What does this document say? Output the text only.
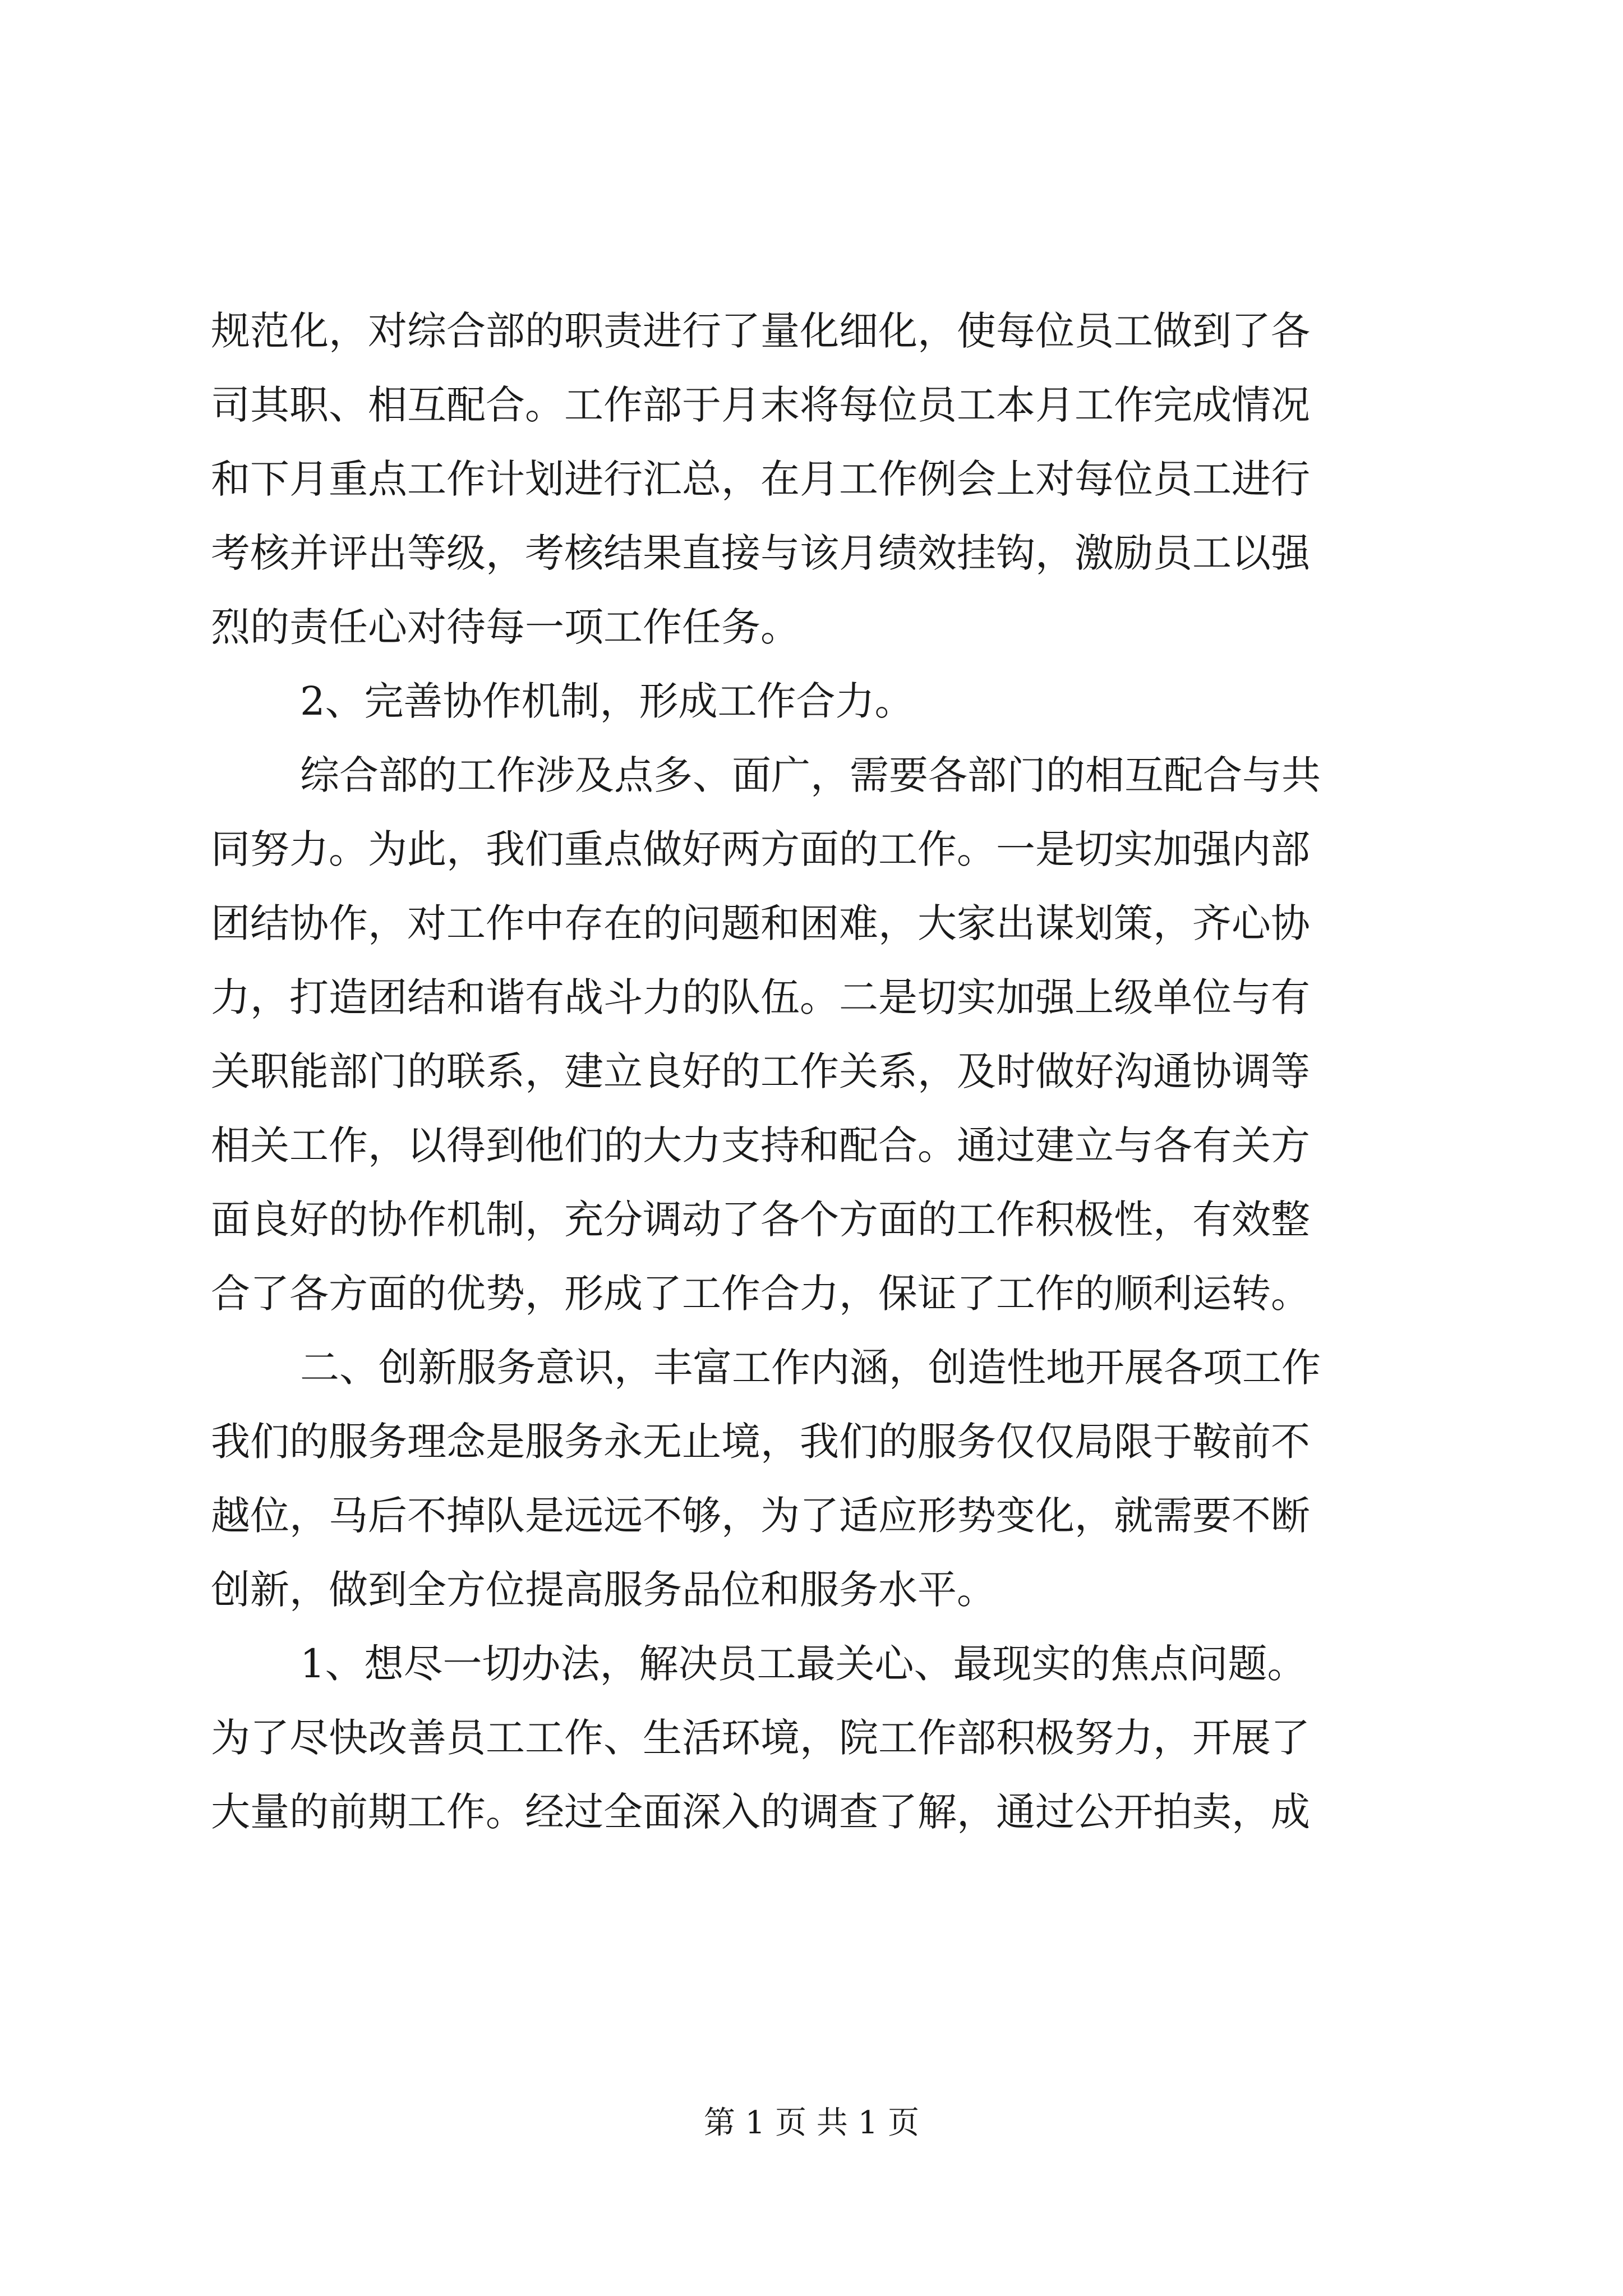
规范化，对综合部的职责进行了量化细化，使每位员工做到了各
司其职、相互配合。工作部于月末将每位员工本月工作完成情况
和下月重点工作计划进行汇总，在月工作例会上对每位员工进行
考核并评出等级，考核结果直接与该月绩效挂钩，激励员工以强
烈的责任心对待每一项工作任务。
2、完善协作机制，形成工作合力。
综合部的工作涉及点多、面广，需要各部门的相互配合与共
同努力。为此，我们重点做好两方面的工作。一是切实加强内部
团结协作，对工作中存在的问题和困难，大家出谋划策，齐心协
力，打造团结和谐有战斗力的队伍。二是切实加强上级单位与有
关职能部门的联系，建立良好的工作关系，及时做好沟通协调等
相关工作，以得到他们的大力支持和配合。通过建立与各有关方
面良好的协作机制，充分调动了各个方面的工作积极性，有效整
合了各方面的优势，形成了工作合力，保证了工作的顺利运转。
二、创新服务意识，丰富工作内涵，创造性地开展各项工作
我们的服务理念是服务永无止境，我们的服务仅仅局限于鞍前不
越位，马后不掉队是远远不够，为了适应形势变化，就需要不断
创新，做到全方位提高服务品位和服务水平。
1、想尽一切办法，解决员工最关心、最现实的焦点问题。
为了尽快改善员工工作、生活环境，院工作部积极努力，开展了
大量的前期工作。经过全面深入的调查了解，通过公开拍卖，成
第 1 页 共 1 页
